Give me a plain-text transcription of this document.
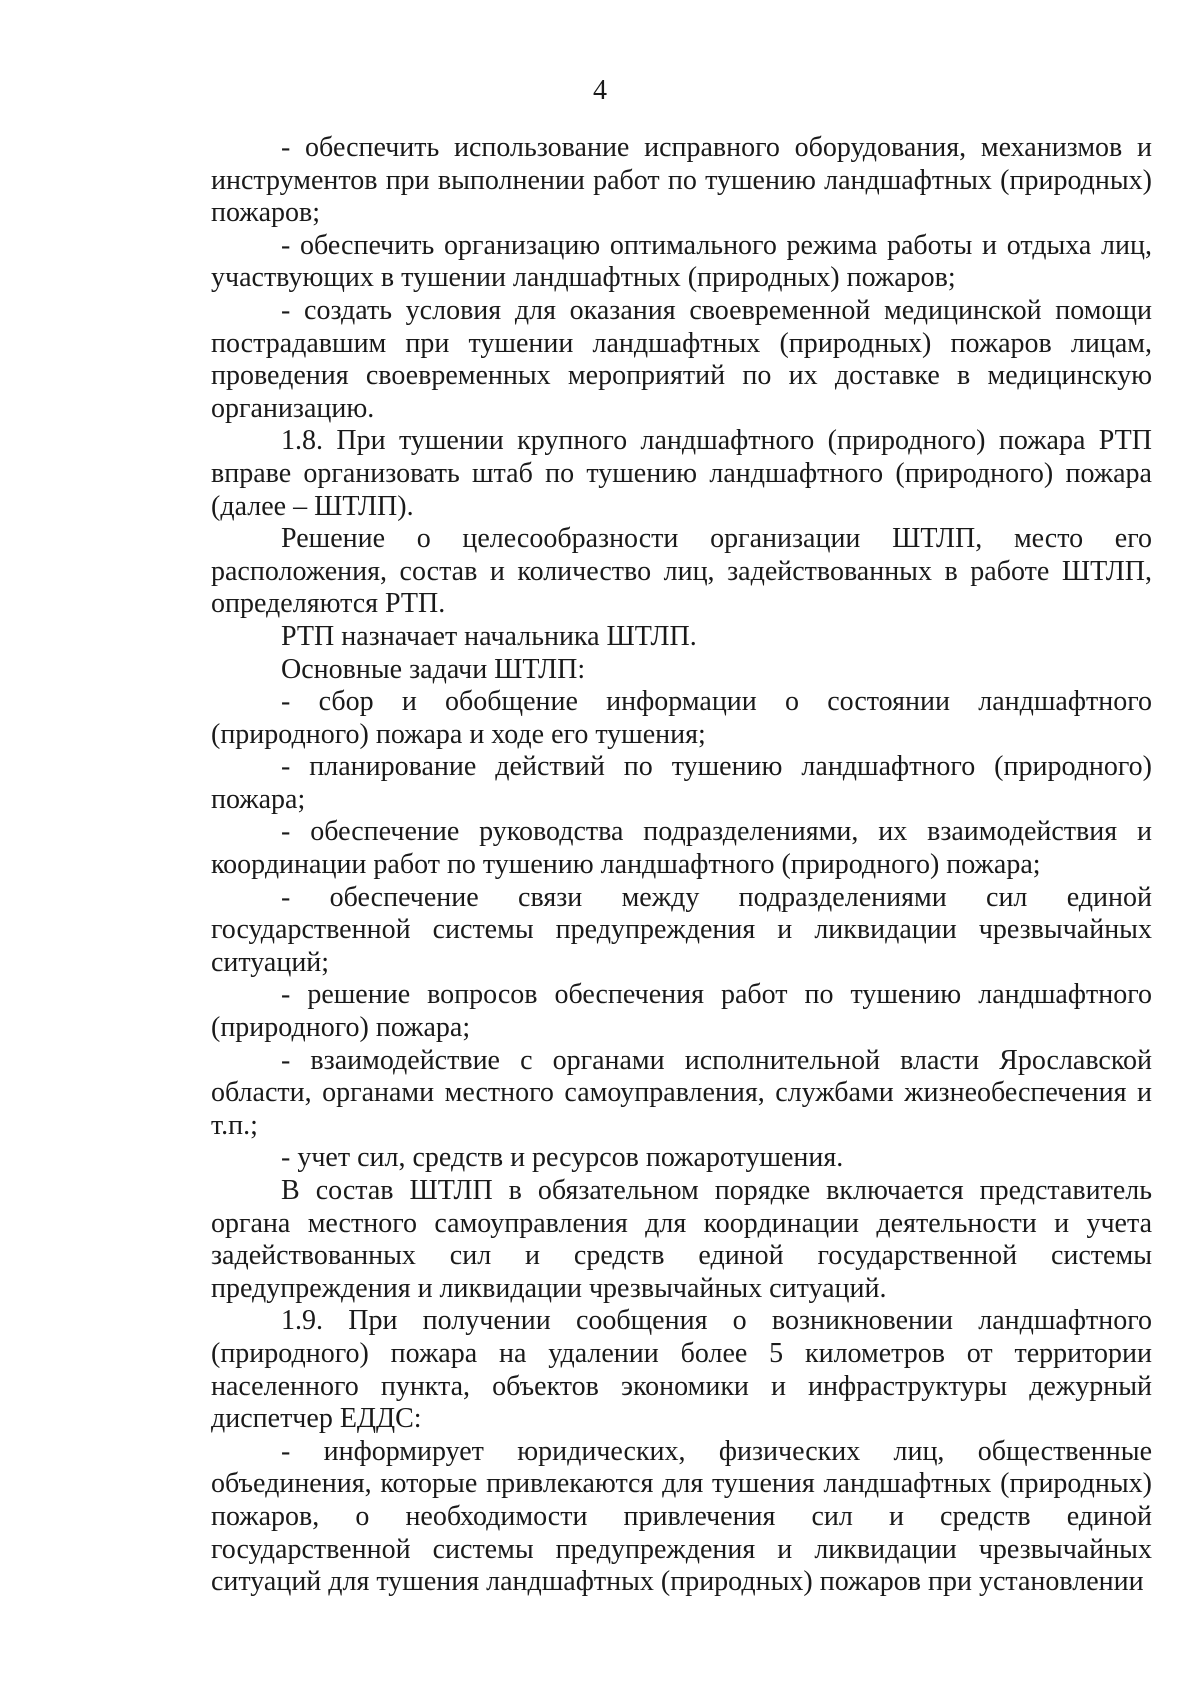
4

- обеспечить использование исправного оборудования, механизмов и инструментов при выполнении работ по тушению ландшафтных (природных) пожаров;

- обеспечить организацию оптимального режима работы и отдыха лиц, участвующих в тушении ландшафтных (природных) пожаров;

- создать условия для оказания своевременной медицинской помощи пострадавшим при тушении ландшафтных (природных) пожаров лицам, проведения своевременных мероприятий по их доставке в медицинскую организацию.

1.8. При тушении крупного ландшафтного (природного) пожара РТП вправе организовать штаб по тушению ландшафтного (природного) пожара (далее – ШТЛП).

Решение о целесообразности организации ШТЛП, место его расположения, состав и количество лиц, задействованных в работе ШТЛП, определяются РТП.

РТП назначает начальника ШТЛП.

Основные задачи ШТЛП:

- сбор и обобщение информации о состоянии ландшафтного (природного) пожара и ходе его тушения;

- планирование действий по тушению ландшафтного (природного) пожара;

- обеспечение руководства подразделениями, их взаимодействия и координации работ по тушению ландшафтного (природного) пожара;

- обеспечение связи между подразделениями сил единой государственной системы предупреждения и ликвидации чрезвычайных ситуаций;

- решение вопросов обеспечения работ по тушению ландшафтного (природного) пожара;

- взаимодействие с органами исполнительной власти Ярославской области, органами местного самоуправления, службами жизнеобеспечения и т.п.;

- учет сил, средств и ресурсов пожаротушения.

В состав ШТЛП в обязательном порядке включается представитель органа местного самоуправления для координации деятельности и учета задействованных сил и средств единой государственной системы предупреждения и ликвидации чрезвычайных ситуаций.

1.9. При получении сообщения о возникновении ландшафтного (природного) пожара на удалении более 5 километров от территории населенного пункта, объектов экономики и инфраструктуры дежурный диспетчер ЕДДС:

- информирует юридических, физических лиц, общественные объединения, которые привлекаются для тушения ландшафтных (природных) пожаров, о необходимости привлечения сил и средств единой государственной системы предупреждения и ликвидации чрезвычайных ситуаций для тушения ландшафтных (природных) пожаров при установлении
